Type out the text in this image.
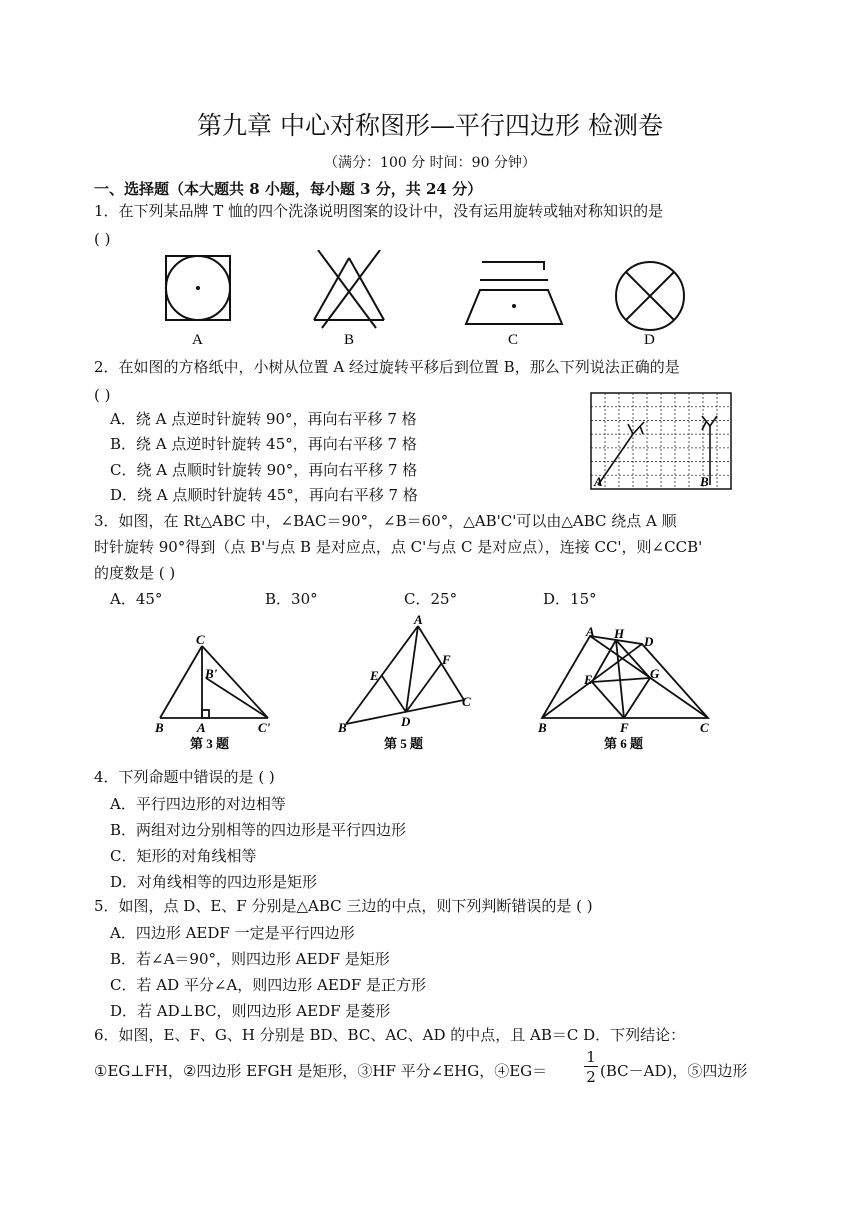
第九章 中心对称图形—平行四边形 检测卷
（满分：100 分 时间：90 分钟）
一、选择题（本大题共 8 小题，每小题 3 分，共 24 分）
1．在下列某品牌 T 恤的四个洗涤说明图案的设计中，没有运用旋转或轴对称知识的是
( )
A	B	C	D
2．在如图的方格纸中，小树从位置 A 经过旋转平移后到位置 B，那么下列说法正确的是
( )
A．绕 A 点逆时针旋转 90°，再向右平移 7 格
B．绕 A 点逆时针旋转 45°，再向右平移 7 格
C．绕 A 点顺时针旋转 90°，再向右平移 7 格
D．绕 A 点顺时针旋转 45°，再向右平移 7 格
A	B
3．如图，在 Rt△ABC 中，∠BAC＝90°，∠B＝60°，△AB'C'可以由△ABC 绕点 A 顺
时针旋转 90°得到（点 B'与点 B 是对应点，点 C'与点 C 是对应点），连接 CC'，则∠CCB'
的度数是 ( )
A．45°	B．30°	C．25°	D．15°
C
B'
B	A	C'
第 3 题
A
E
F
B	D
C
第 5 题
A H
D
E	G
B	F	C
第 6 题
4．下列命题中错误的是 ( )
A．平行四边形的对边相等
B．两组对边分别相等的四边形是平行四边形
C．矩形的对角线相等
D．对角线相等的四边形是矩形
5．如图，点 D、E、F 分别是△ABC 三边的中点，则下列判断错误的是 ( )
A．四边形 AEDF 一定是平行四边形
B．若∠A＝90°，则四边形 AEDF 是矩形
C．若 AD 平分∠A，则四边形 AEDF 是正方形
D．若 AD⊥BC，则四边形 AEDF 是菱形
6．如图，E、F、G、H 分别是 BD、BC、AC、AD 的中点，且 AB＝C D．下列结论：
①EG⊥FH，②四边形 EFGH 是矩形，③HF 平分∠EHG，④EG＝
1
2 (BC－AD)，⑤四边形
